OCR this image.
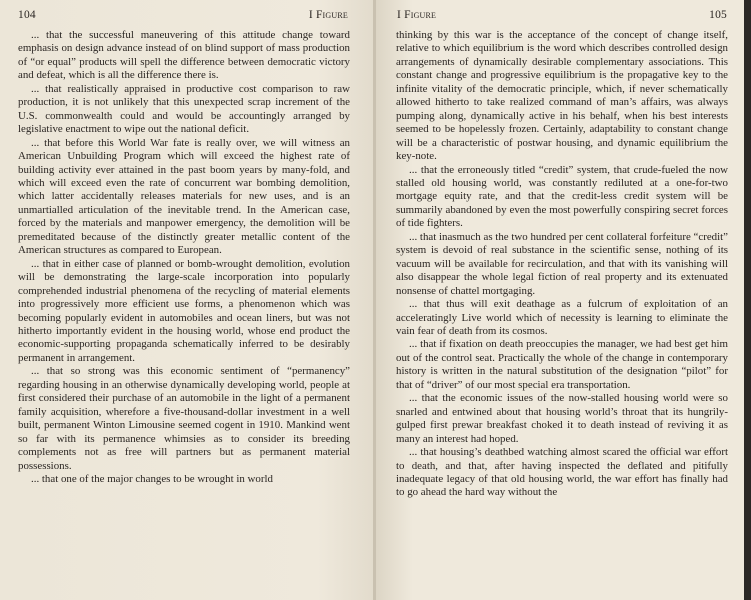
104	I Figure

... that the successful maneuvering of this attitude change toward emphasis on design advance instead of on blind support of mass production of “or equal” products will spell the difference between democratic victory and defeat, which is all the difference there is.

... that realistically appraised in productive cost comparison to raw production, it is not unlikely that this unexpected scrap increment of the U.S. commonwealth could and would be accountingly arranged by legislative enactment to wipe out the national deficit.

... that before this World War fate is really over, we will witness an American Unbuilding Program which will exceed the highest rate of building activity ever attained in the past boom years by many-fold, and which will exceed even the rate of concurrent war bombing demolition, which latter accidentally releases materials for new uses, and is an unmartialled articulation of the inevitable trend. In the American case, forced by the materials and manpower emergency, the demolition will be premeditated because of the distinctly greater metallic content of the American structures as compared to European.

... that in either case of planned or bomb-wrought demolition, evolution will be demonstrating the large-scale incorporation into popularly comprehended industrial phenomena of the recycling of material elements into progressively more efficient use forms, a phenomenon which was becoming popularly evident in automobiles and ocean liners, but was not hitherto importantly evident in the housing world, whose end product the economic-supporting propaganda schematically inferred to be desirably permanent in arrangement.

... that so strong was this economic sentiment of “permanency” regarding housing in an otherwise dynamically developing world, people at first considered their purchase of an automobile in the light of a permanent family acquisition, wherefore a five-thousand-dollar investment in a well built, permanent Winton Limousine seemed cogent in 1910. Mankind went so far with its permanence whimsies as to consider its breeding complements not as free will partners but as permanent material possessions.

... that one of the major changes to be wrought in world

I Figure	105

thinking by this war is the acceptance of the concept of change itself, relative to which equilibrium is the word which describes controlled design arrangements of dynamically desirable complementary associations. This constant change and progressive equilibrium is the propagative key to the infinite vitality of the democratic principle, which, if never schematically allowed hitherto to take realized command of man’s affairs, was always pumping along, dynamically active in his behalf, when his best interests seemed to be hopelessly frozen. Certainly, adaptability to constant change will be a characteristic of postwar housing, and dynamic equilibrium the key-note.

... that the erroneously titled “credit” system, that crude-fueled the now stalled old housing world, was constantly rediluted at a one-for-two mortgage equity rate, and that the credit-less credit system will be summarily abandoned by even the most powerfully conspiring secret forces of tide fighters.

... that inasmuch as the two hundred per cent collateral forfeiture “credit” system is devoid of real substance in the scientific sense, nothing of its vacuum will be available for recirculation, and that with its vanishing will also disappear the whole legal fiction of real property and its extenuated nonsense of chattel mortgaging.

... that thus will exit deathage as a fulcrum of exploitation of an acceleratingly Live world which of necessity is learning to eliminate the vain fear of death from its cosmos.

... that if fixation on death preoccupies the manager, we had best get him out of the control seat. Practically the whole of the change in contemporary history is written in the natural substitution of the designation “pilot” for that of “driver” of our most special era transportation.

... that the economic issues of the now-stalled housing world were so snarled and entwined about that housing world’s throat that its hungrily-gulped first prewar breakfast choked it to death instead of reviving it as many an interest had hoped.

... that housing’s deathbed watching almost scared the official war effort to death, and that, after having inspected the deflated and pitifully inadequate legacy of that old housing world, the war effort has finally had to go ahead the hard way without the
